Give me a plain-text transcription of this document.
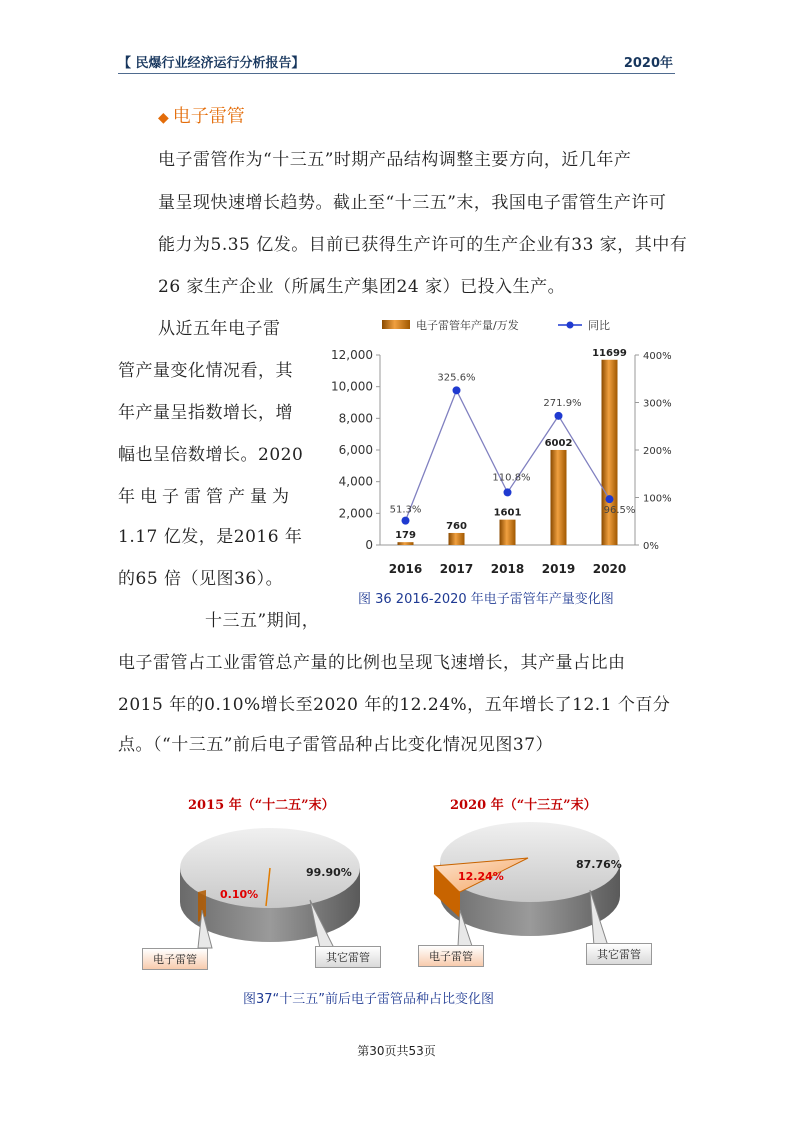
【 民爆行业经济运行分析报告】	2020年
◆ 电子雷管
电子雷管作为“十三五”时期产品结构调整主要方向，近几年产
量呈现快速增长趋势。截止至“十三五”末，我国电子雷管生产许可
能力为5.35 亿发。目前已获得生产许可的生产企业有33 家，其中有
26 家生产企业（所属生产集团24 家）已投入生产。
从近五年电子雷
管产量变化情况看，其
年产量呈指数增长，增
幅也呈倍数增长。2020
年电子雷管产量为
1.17 亿发，是2016 年
的65 倍（见图36）。
十三五”期间，
电子雷管年产量/万发	同比
0
2,000
4,000
6,000
8,000
10,000
12,000
0%
100%
200%
300%
400%
2016 2017 2018 2019 2020
179
760
1601
6002
11699
51.3%
325.6%
110.8%
271.9%
96.5%
图 36 2016-2020 年电子雷管年产量变化图
电子雷管占工业雷管总产量的比例也呈现飞速增长，其产量占比由
2015 年的0.10%增长至2020 年的12.24%，五年增长了12.1 个百分
点。（“十三五”前后电子雷管品种占比变化情况见图37）
2015 年（“十二五”末）	2020 年（“十三五”末）
0.10%
99.90%	12.24%
87.76%
电子雷管	其它雷管	电子雷管	其它雷管
图37“十三五”前后电子雷管品种占比变化图
第30页共53页
